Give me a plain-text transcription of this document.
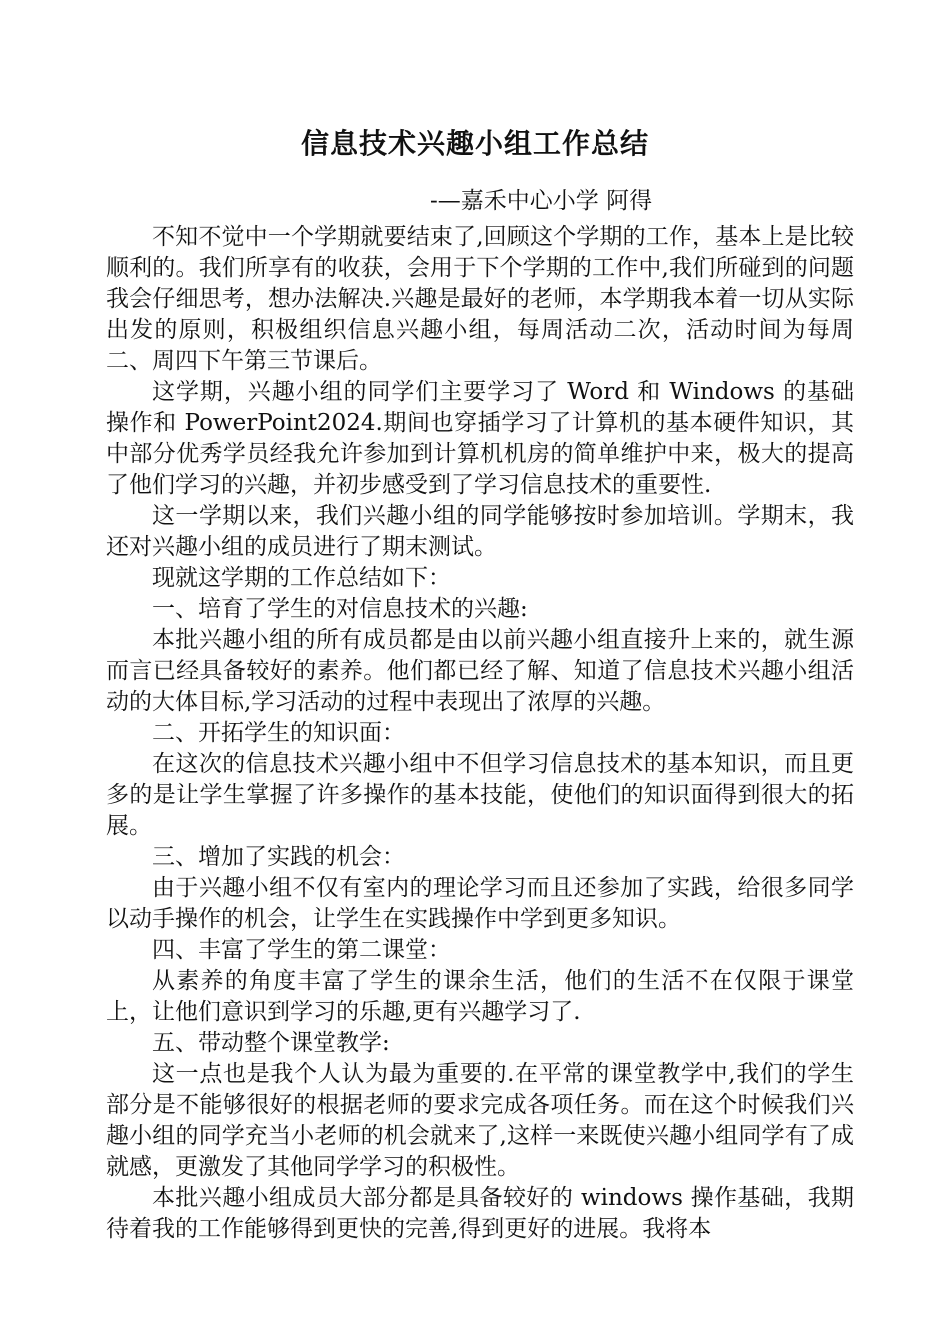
信息技术兴趣小组工作总结
-—嘉禾中心小学 阿得

不知不觉中一个学期就要结束了,回顾这个学期的工作，基本上是比较顺利的。我们所享有的收获，会用于下个学期的工作中,我们所碰到的问题我会仔细思考，想办法解决.兴趣是最好的老师，本学期我本着一切从实际出发的原则，积极组织信息兴趣小组，每周活动二次，活动时间为每周二、周四下午第三节课后。

这学期，兴趣小组的同学们主要学习了 Word 和 Windows 的基础操作和 PowerPoint2024.期间也穿插学习了计算机的基本硬件知识，其中部分优秀学员经我允许参加到计算机机房的简单维护中来，极大的提高了他们学习的兴趣，并初步感受到了学习信息技术的重要性.

这一学期以来，我们兴趣小组的同学能够按时参加培训。学期末，我还对兴趣小组的成员进行了期末测试。

现就这学期的工作总结如下：

一、培育了学生的对信息技术的兴趣:

本批兴趣小组的所有成员都是由以前兴趣小组直接升上来的，就生源而言已经具备较好的素养。他们都已经了解、知道了信息技术兴趣小组活动的大体目标,学习活动的过程中表现出了浓厚的兴趣。

二、开拓学生的知识面：

在这次的信息技术兴趣小组中不但学习信息技术的基本知识，而且更多的是让学生掌握了许多操作的基本技能，使他们的知识面得到很大的拓展。

三、增加了实践的机会：

由于兴趣小组不仅有室内的理论学习而且还参加了实践，给很多同学以动手操作的机会，让学生在实践操作中学到更多知识。

四、丰富了学生的第二课堂：

从素养的角度丰富了学生的课余生活，他们的生活不在仅限于课堂上，让他们意识到学习的乐趣,更有兴趣学习了.

五、带动整个课堂教学:

这一点也是我个人认为最为重要的.在平常的课堂教学中,我们的学生部分是不能够很好的根据老师的要求完成各项任务。而在这个时候我们兴趣小组的同学充当小老师的机会就来了,这样一来既使兴趣小组同学有了成就感，更激发了其他同学学习的积极性。

本批兴趣小组成员大部分都是具备较好的 windows 操作基础，我期待着我的工作能够得到更快的完善,得到更好的进展。我将本
